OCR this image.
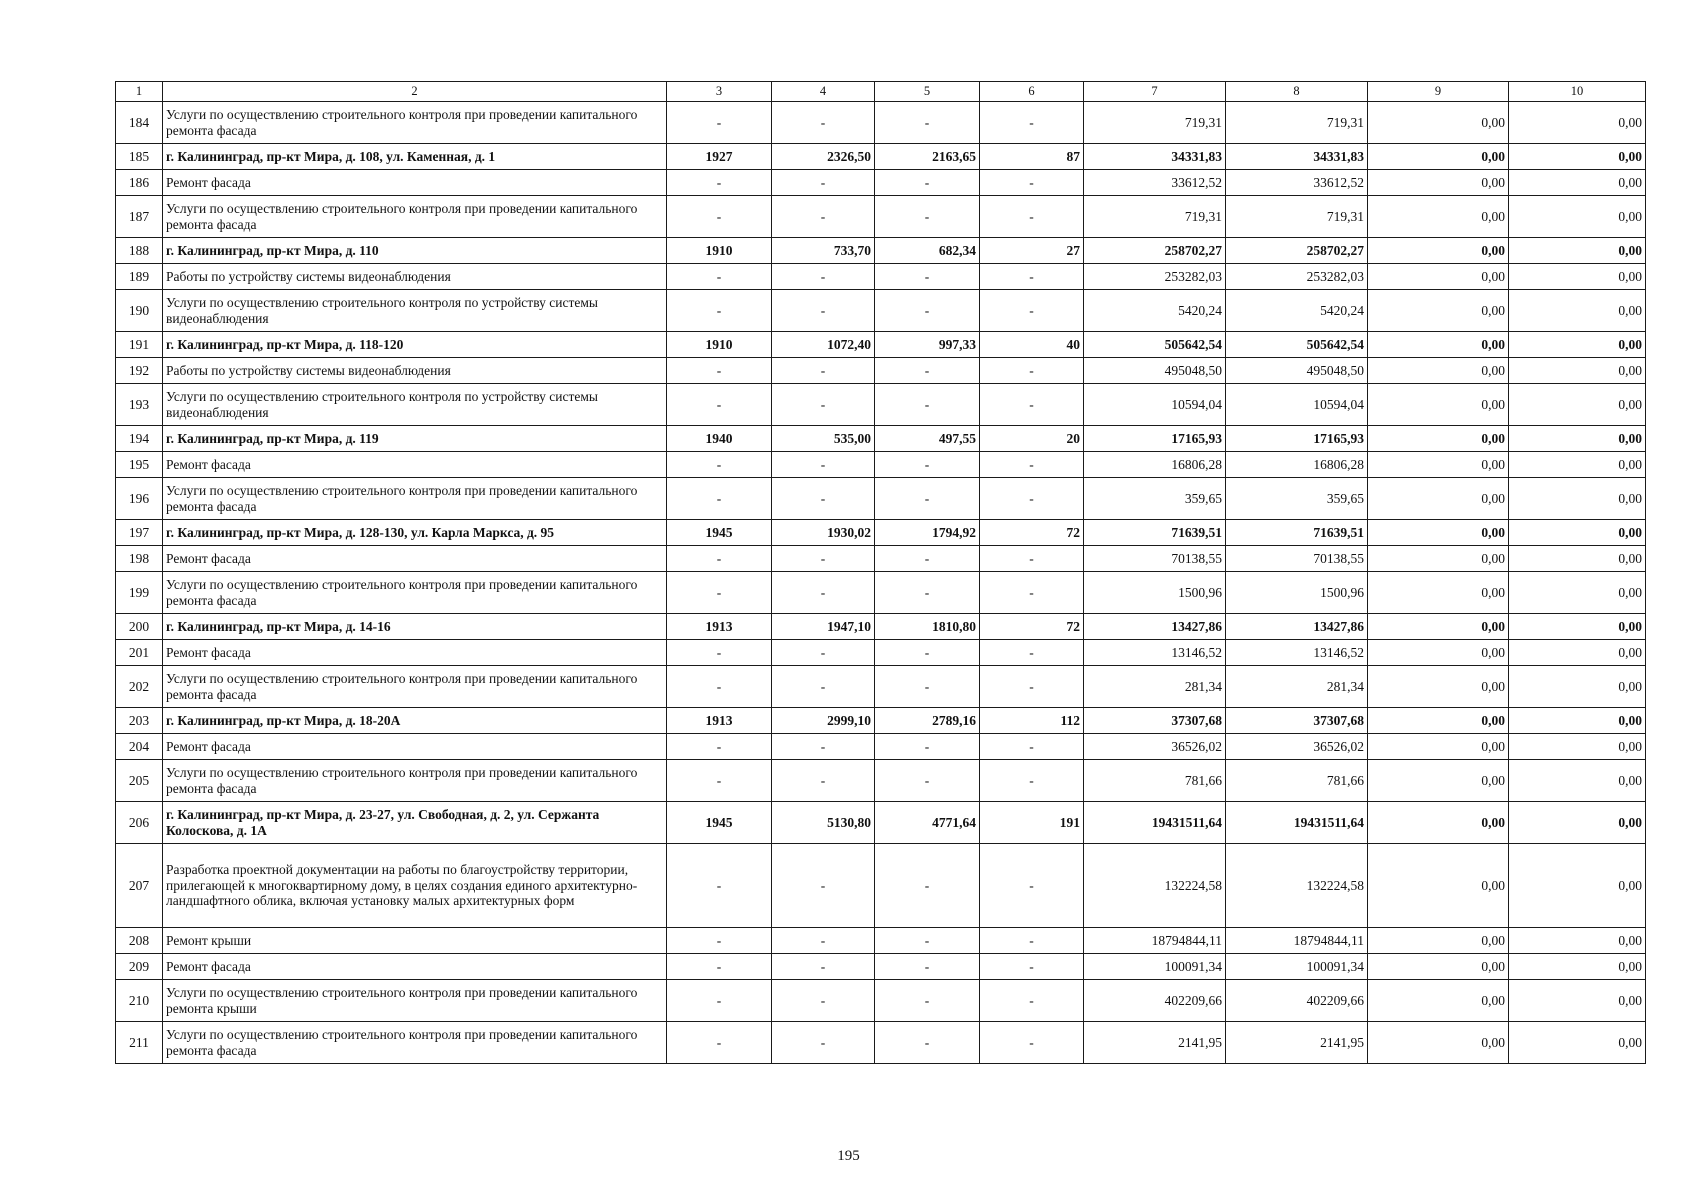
1	2	3	4	5	6	7	8	9	10
184	Услуги по осуществлению строительного контроля при проведении капитального ремонта фасада	-	-	-	-	719,31	719,31	0,00	0,00
185	г. Калининград, пр-кт Мира, д. 108, ул. Каменная, д. 1	1927	2326,50	2163,65	87	34331,83	34331,83	0,00	0,00
186	Ремонт фасада	-	-	-	-	33612,52	33612,52	0,00	0,00
187	Услуги по осуществлению строительного контроля при проведении капитального ремонта фасада	-	-	-	-	719,31	719,31	0,00	0,00
188	г. Калининград, пр-кт Мира, д. 110	1910	733,70	682,34	27	258702,27	258702,27	0,00	0,00
189	Работы по устройству системы видеонаблюдения	-	-	-	-	253282,03	253282,03	0,00	0,00
190	Услуги по осуществлению строительного контроля по устройству системы видеонаблюдения	-	-	-	-	5420,24	5420,24	0,00	0,00
191	г. Калининград, пр-кт Мира, д. 118-120	1910	1072,40	997,33	40	505642,54	505642,54	0,00	0,00
192	Работы по устройству системы видеонаблюдения	-	-	-	-	495048,50	495048,50	0,00	0,00
193	Услуги по осуществлению строительного контроля по устройству системы видеонаблюдения	-	-	-	-	10594,04	10594,04	0,00	0,00
194	г. Калининград, пр-кт Мира, д. 119	1940	535,00	497,55	20	17165,93	17165,93	0,00	0,00
195	Ремонт фасада	-	-	-	-	16806,28	16806,28	0,00	0,00
196	Услуги по осуществлению строительного контроля при проведении капитального ремонта фасада	-	-	-	-	359,65	359,65	0,00	0,00
197	г. Калининград, пр-кт Мира, д. 128-130, ул. Карла Маркса, д. 95	1945	1930,02	1794,92	72	71639,51	71639,51	0,00	0,00
198	Ремонт фасада	-	-	-	-	70138,55	70138,55	0,00	0,00
199	Услуги по осуществлению строительного контроля при проведении капитального ремонта фасада	-	-	-	-	1500,96	1500,96	0,00	0,00
200	г. Калининград, пр-кт Мира, д. 14-16	1913	1947,10	1810,80	72	13427,86	13427,86	0,00	0,00
201	Ремонт фасада	-	-	-	-	13146,52	13146,52	0,00	0,00
202	Услуги по осуществлению строительного контроля при проведении капитального ремонта фасада	-	-	-	-	281,34	281,34	0,00	0,00
203	г. Калининград, пр-кт Мира, д. 18-20А	1913	2999,10	2789,16	112	37307,68	37307,68	0,00	0,00
204	Ремонт фасада	-	-	-	-	36526,02	36526,02	0,00	0,00
205	Услуги по осуществлению строительного контроля при проведении капитального ремонта фасада	-	-	-	-	781,66	781,66	0,00	0,00
206	г. Калининград, пр-кт Мира, д. 23-27, ул. Свободная, д. 2, ул. Сержанта Колоскова, д. 1А	1945	5130,80	4771,64	191	19431511,64	19431511,64	0,00	0,00
207	Разработка проектной документации на работы по благоустройству территории, прилегающей к многоквартирному дому, в целях создания единого архитектурно-ландшафтного облика, включая установку малых архитектурных форм	-	-	-	-	132224,58	132224,58	0,00	0,00
208	Ремонт крыши	-	-	-	-	18794844,11	18794844,11	0,00	0,00
209	Ремонт фасада	-	-	-	-	100091,34	100091,34	0,00	0,00
210	Услуги по осуществлению строительного контроля при проведении капитального ремонта крыши	-	-	-	-	402209,66	402209,66	0,00	0,00
211	Услуги по осуществлению строительного контроля при проведении капитального ремонта фасада	-	-	-	-	2141,95	2141,95	0,00	0,00
195
